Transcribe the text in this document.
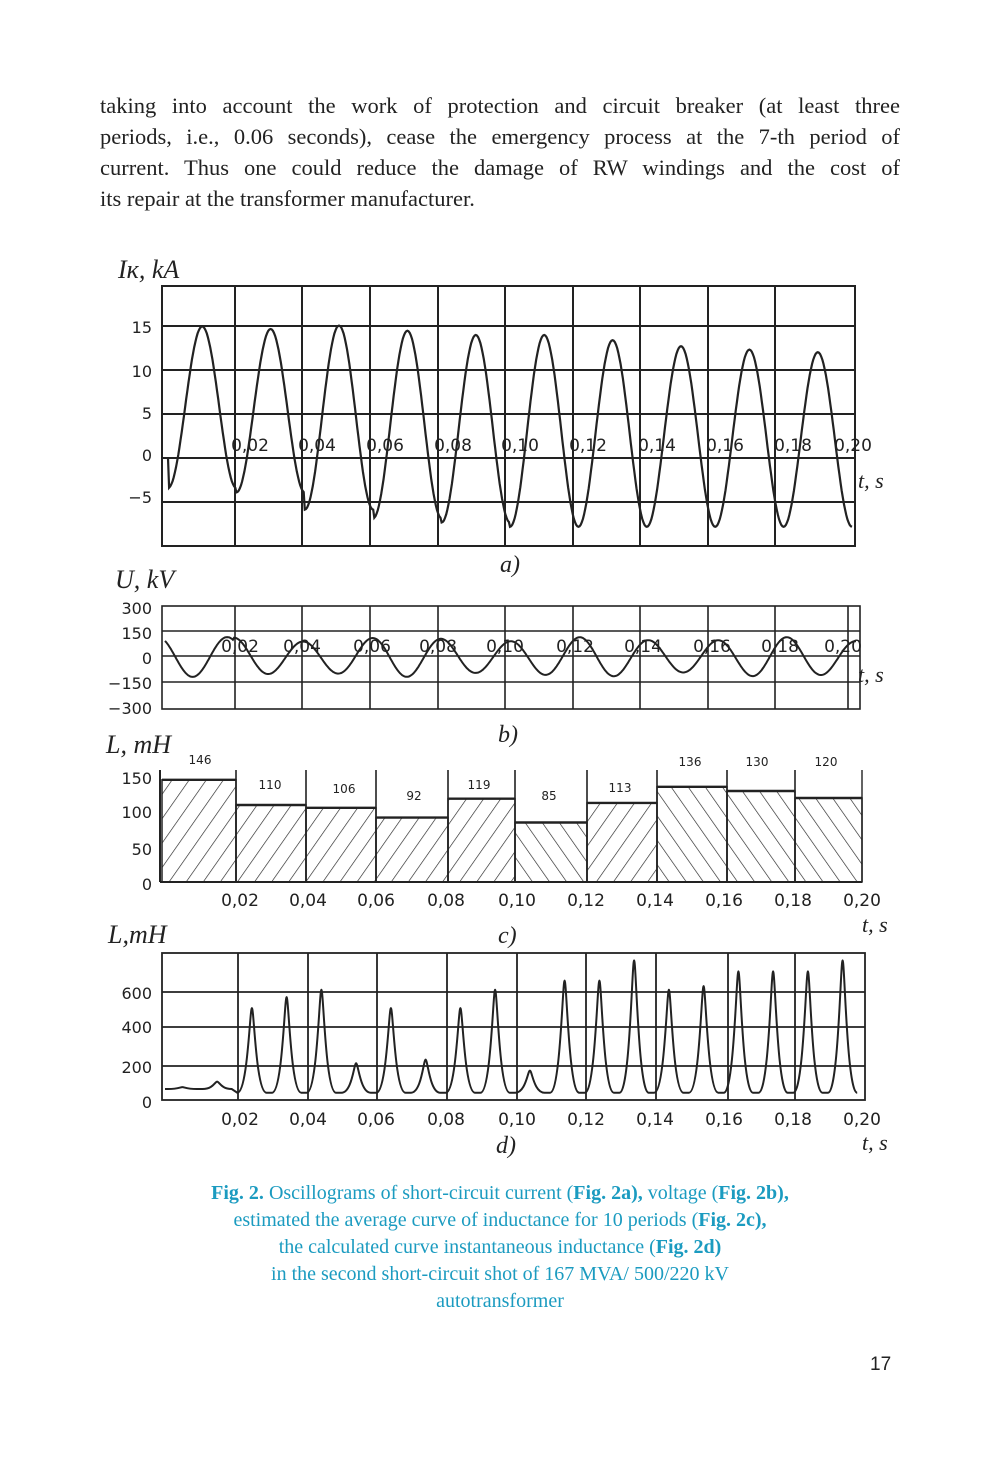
taking into account the work of protection and circuit breaker (at least three
periods, i.e., 0.06 seconds), cease the emergency process at the 7-th period of
current. Thus one could reduce the damage of RW windings and the cost of
its repair at the transformer manufacturer.

Iк, kA
15
10
5
0
−5
0,02 0,04 0,06 0,08 0,10 0,12 0,14 0,16 0,18 0,20
t, s
a)
U, kV
300
150
0
−150
−300
0,02 0,04 0,06 0,08 0,10 0,12 0,14 0,16 0,18 0,20
t, s
b)
L, mH
146
110	106	92
119
85
113
136	130	120
150
100
50
0
0,02 0,04 0,06 0,08 0,10 0,12 0,14 0,16 0,18 0,20
t, s
c)
L,mH
600
400
200
0
0,02 0,04 0,06 0,08 0,10 0,12 0,14 0,16 0,18 0,20
t, s
d)
Fig. 2. Oscillograms of short-circuit current (Fig. 2a), voltage (Fig. 2b),
estimated the average curve of inductance for 10 periods (Fig. 2c),
the calculated curve instantaneous inductance (Fig. 2d)
in the second short-circuit shot of 167 MVA/ 500/220 kV
autotransformer
17
